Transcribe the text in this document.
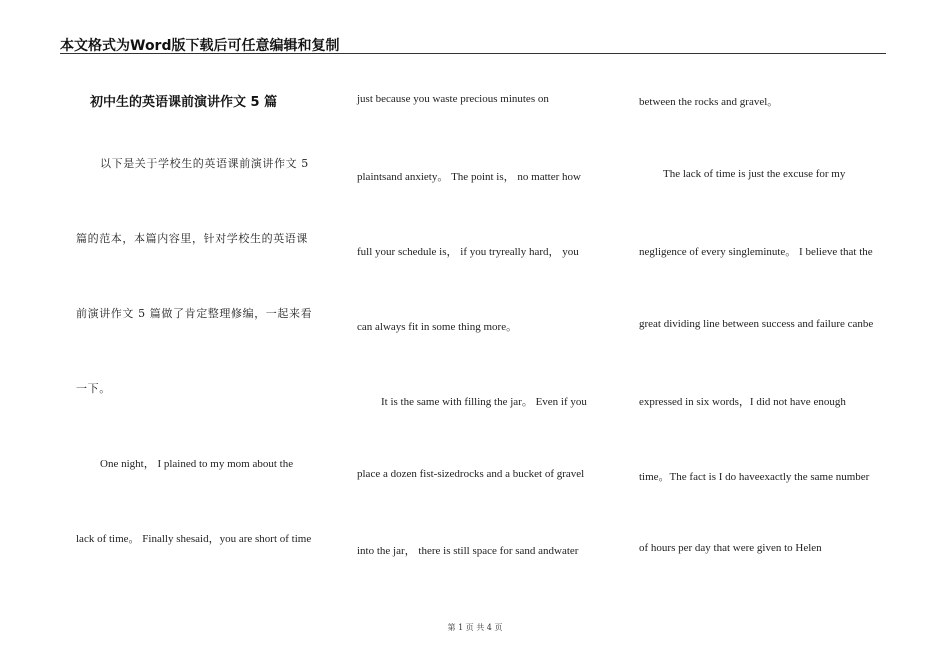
本文格式为Word版下载后可任意编辑和复制
初中生的英语课前演讲作文 5 篇
以下是关于学校生的英语课前演讲作文 5
篇的范本，本篇内容里，针对学校生的英语课
前演讲作文 5 篇做了肯定整理修编，一起来看
一下。
One night， I plained to my mom about the
lack of time。 Finally shesaid，you are short of time
just because you waste precious minutes on
plaintsand anxiety。 The point is， no matter how
full your schedule is， if you tryreally hard， you
can always fit in some thing more。
It is the same with filling the jar。 Even if you
place a dozen fist-sizedrocks and a bucket of gravel
into the jar， there is still space for sand andwater
between the rocks and gravel。
The lack of time is just the excuse for my
negligence of every singleminute。 I believe that the
great dividing line between success and failure canbe
expressed in six words，I did not have enough
time。The fact is I do haveexactly the same number
of hours per day that were given to Helen
第 1 页 共 4 页
